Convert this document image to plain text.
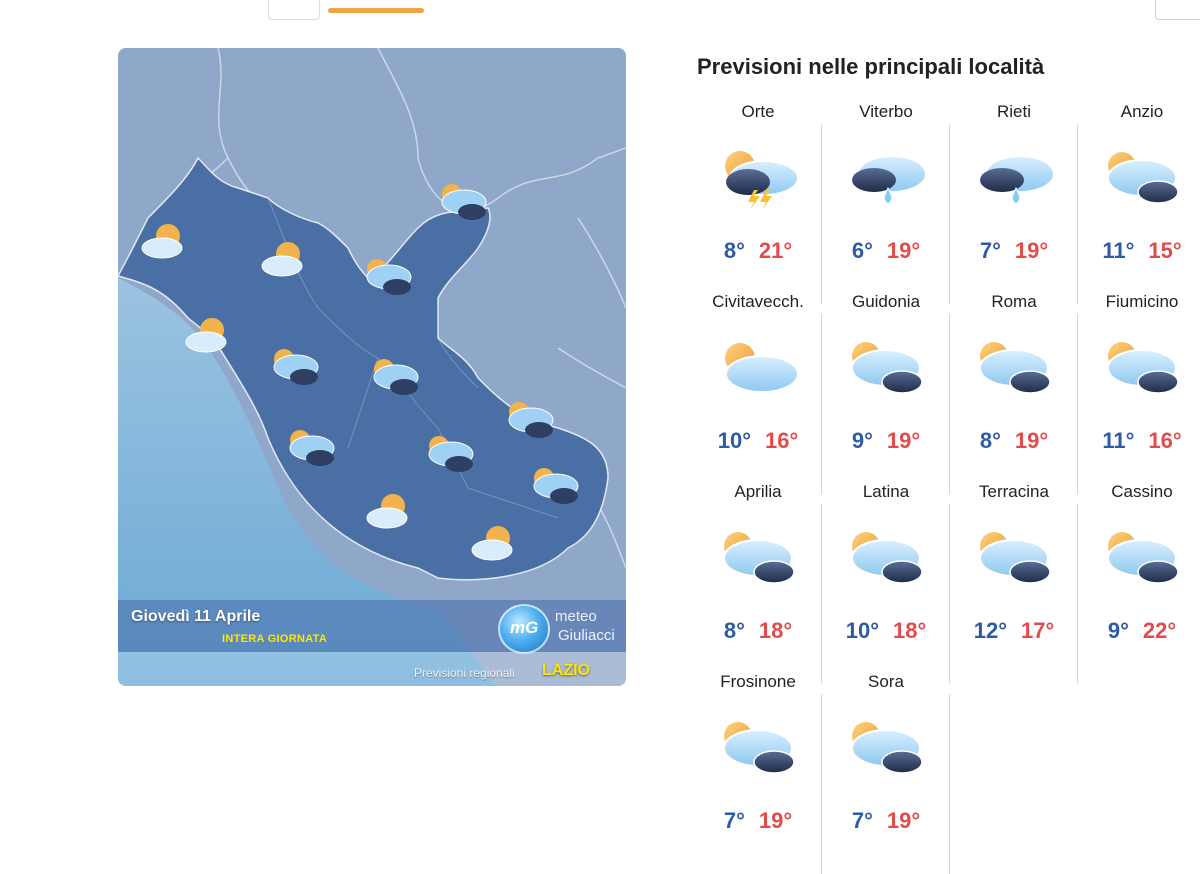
Giovedì 11 Aprile
INTERA GIORNATA
mG
meteo
Giuliacci
Previsioni regionali LAZIO
Previsioni nelle principali località
Orte
8° 21°
Viterbo
6° 19°
Rieti
7° 19°
Anzio
11° 15°
Civitavecch.
10° 16°
Guidonia
9° 19°
Roma
8° 19°
Fiumicino
11° 16°
Aprilia
8° 18°
Latina
10° 18°
Terracina
12° 17°
Cassino
9° 22°
Frosinone
7° 19°
Sora
7° 19°
